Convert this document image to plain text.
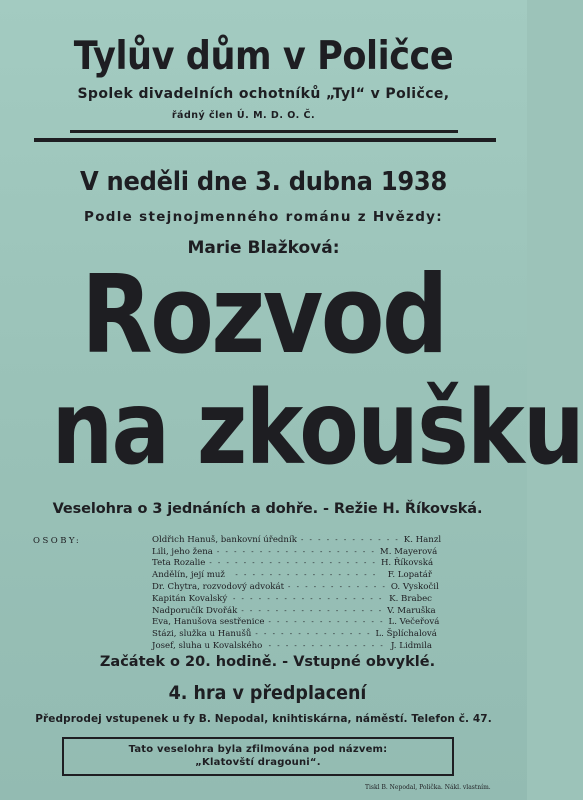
Tylův dům v Poličce
Spolek divadelních ochotníků „Tyl“ v Poličce,
řádný člen Ú. M. D. O. Č.
V neděli dne 3. dubna 1938
Podle stejnojmenného románu z Hvězdy:
Marie Blažková:
Rozvod
na zkoušku
Veselohra o 3 jednáních a dohře. - Režie H. Říkovská.
OSOBY:	Oldřich Hanuš, bankovní úředník - - - - - - - - - - - - K. Hanzl
Lili, jeho žena - - - - - - - - - - - - - - - - - - - M. Mayerová
Teta Rozalie - - - - - - - - - - - - - - - - - - - - H. Říkovská
Andělín, její muž	- - - - - - - - - - - - - - - - -	F. Lopatář
Dr. Chytra, rozvodový advokát - - - - - - - - - - - - O. Vyskočil
Kapitán Kovalský - - - - - - - - - - - - - - - - - - K. Brabec
Nadporučík Dvořák - - - - - - - - - - - - - - - - - V. Maruška
Eva, Hanušova sestřenice - - - - - - - - - - - - - - L. Večeřová
Stázi, služka u Hanušů - - - - - - - - - - - - - - L. Šplíchalová
Josef, sluha u Kovalského - - - - - - - - - - - - - - J. Lidmila
Začátek o 20. hodině. - Vstupné obvyklé.
4. hra v předplacení
Předprodej vstupenek u fy B. Nepodal, knihtiskárna, náměstí. Telefon č. 47.
Tato veselohra byla zfilmována pod názvem:
„Klatovští dragouni“.
Tiskl B. Nepodal, Polička. Nákl. vlastním.
